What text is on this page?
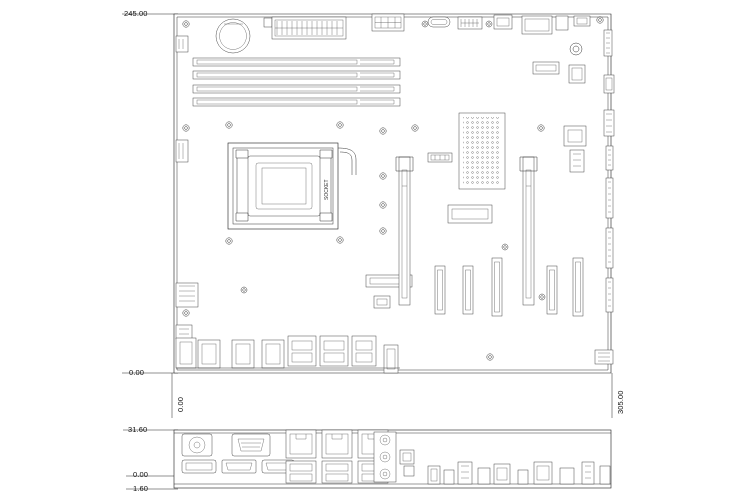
245.00
0.00
0.00	305.00
31.60
0.00
1.60
SOCKET
